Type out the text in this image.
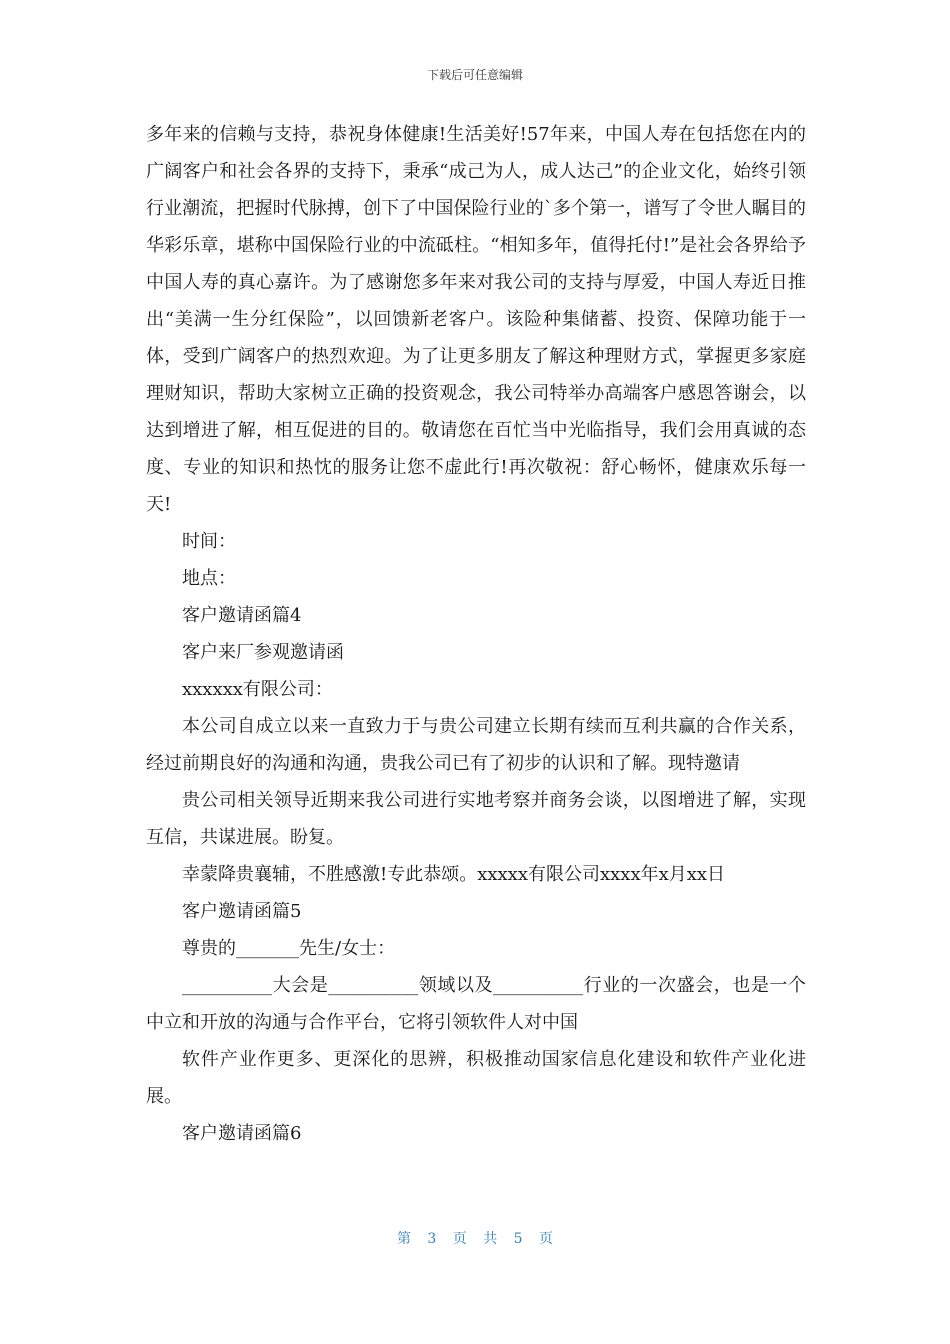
下载后可任意编辑

多年来的信赖与支持，恭祝身体健康!生活美好!57年来，中国人寿在包括您在内的广阔客户和社会各界的支持下，秉承“成己为人，成人达己”的企业文化，始终引领行业潮流，把握时代脉搏，创下了中国保险行业的`多个第一，谱写了令世人瞩目的华彩乐章，堪称中国保险行业的中流砥柱。“相知多年，值得托付!”是社会各界给予中国人寿的真心嘉许。为了感谢您多年来对我公司的支持与厚爱，中国人寿近日推出“美满一生分红保险”，以回馈新老客户。该险种集储蓄、投资、保障功能于一体，受到广阔客户的热烈欢迎。为了让更多朋友了解这种理财方式，掌握更多家庭理财知识，帮助大家树立正确的投资观念，我公司特举办高端客户感恩答谢会，以达到增进了解，相互促进的目的。敬请您在百忙当中光临指导，我们会用真诚的态度、专业的知识和热忱的服务让您不虚此行!再次敬祝：舒心畅怀，健康欢乐每一天!

时间：

地点：

客户邀请函篇4

客户来厂参观邀请函

xxxxxx有限公司：

本公司自成立以来一直致力于与贵公司建立长期有续而互利共赢的合作关系，经过前期良好的沟通和沟通，贵我公司已有了初步的认识和了解。现特邀请

贵公司相关领导近期来我公司进行实地考察并商务会谈，以图增进了解，实现互信，共谋进展。盼复。

幸蒙降贵襄辅，不胜感激!专此恭颂。xxxxx有限公司xxxx年x月xx日

客户邀请函篇5

尊贵的_______先生/女士：

__________大会是__________领域以及__________行业的一次盛会，也是一个中立和开放的沟通与合作平台，它将引领软件人对中国

软件产业作更多、更深化的思辨，积极推动国家信息化建设和软件产业化进展。

客户邀请函篇6

第 3 页 共 5 页
